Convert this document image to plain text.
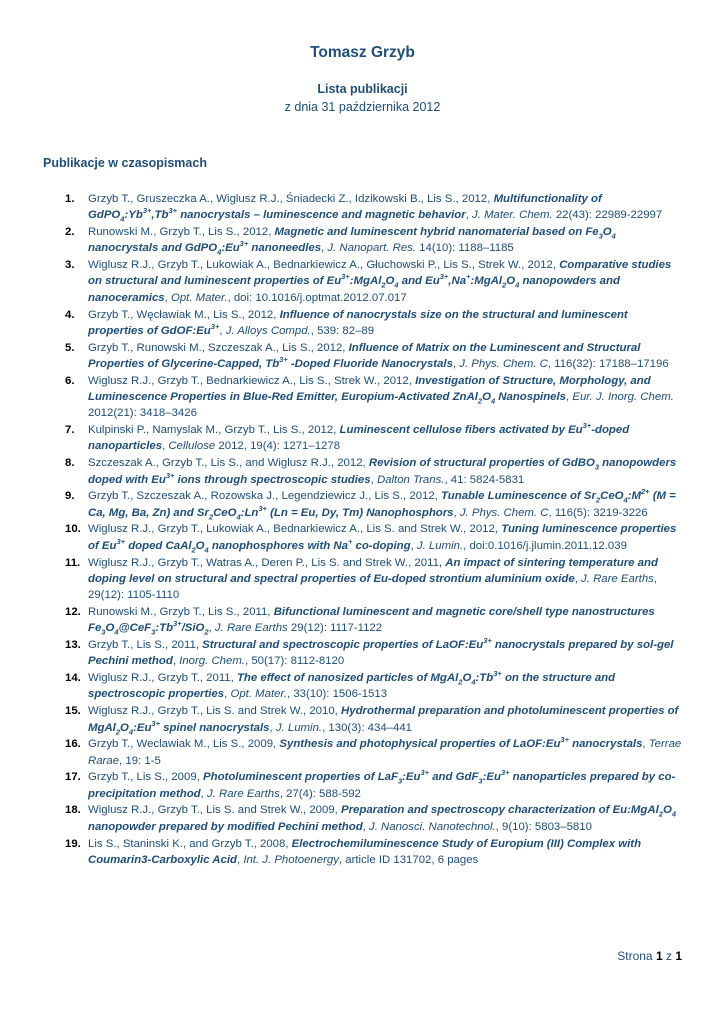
Tomasz Grzyb
Lista publikacji
z dnia 31 października 2012
Publikacje w czasopismach
1. Grzyb T., Gruszeczka A., Wiglusz R.J., Śniadecki Z., Idzikowski B., Lis S., 2012, Multifunctionality of $GdPO_4:Yb^{3+},Tb^{3+}$ nanocrystals – luminescence and magnetic behavior, J. Mater. Chem. 22(43): 22989-22997
2. Runowski M., Grzyb T., Lis S., 2012, Magnetic and luminescent hybrid nanomaterial based on $Fe_3O_4$ nanocrystals and $GdPO_4:Eu^{3+}$ nanoneedles, J. Nanopart. Res. 14(10): 1188–1185
3. Wiglusz R.J., Grzyb T., Lukowiak A., Bednarkiewicz A., Głuchowski P., Lis S., Strek W., 2012, Comparative studies on structural and luminescent properties of $Eu^{3+}:MgAl_2O_4$ and $Eu^{3+},Na^+:MgAl_2O_4$ nanopowders and nanoceramics, Opt. Mater., doi: 10.1016/j.optmat.2012.07.017
4. Grzyb T., Węcławiak M., Lis S., 2012, Influence of nanocrystals size on the structural and luminescent properties of $GdOF:Eu^{3+}$, J. Alloys Compd., 539: 82–89
5. Grzyb T., Runowski M., Szczeszak A., Lis S., 2012, Influence of Matrix on the Luminescent and Structural Properties of Glycerine-Capped, $Tb^{3+}$ -Doped Fluoride Nanocrystals, J. Phys. Chem. C, 116(32): 17188–17196
6. Wiglusz R.J., Grzyb T., Bednarkiewicz A., Lis S., Strek W., 2012, Investigation of Structure, Morphology, and Luminescence Properties in Blue-Red Emitter, Europium-Activated $ZnAl_2O_4$ Nanospinels, Eur. J. Inorg. Chem. 2012(21): 3418–3426
7. Kulpinski P., Namyslak M., Grzyb T., Lis S., 2012, Luminescent cellulose fibers activated by $Eu^{3+}$-doped nanoparticles, Cellulose 2012, 19(4): 1271–1278
8. Szczeszak A., Grzyb T., Lis S., and Wiglusz R.J., 2012, Revision of structural properties of GdBO$_3$ nanopowders doped with $Eu^{3+}$ ions through spectroscopic studies, Dalton Trans., 41: 5824-5831
9. Grzyb T., Szczeszak A., Rozowska J., Legendziewicz J., Lis S., 2012, Tunable Luminescence of $Sr_2CeO_4:M^{2+}$ (M = Ca, Mg, Ba, Zn) and $Sr_2CeO_4:Ln^{3+}$ (Ln = Eu, Dy, Tm) Nanophosphors, J. Phys. Chem. C, 116(5): 3219-3226
10. Wiglusz R.J., Grzyb T., Lukowiak A., Bednarkiewicz A., Lis S. and Strek W., 2012, Tuning luminescence properties of $Eu^{3+}$ doped $CaAl_2O_4$ nanophosphores with Na+ co-doping, J. Lumin., doi:0.1016/j.jlumin.2011.12.039
11. Wiglusz R.J., Grzyb T., Watras A., Deren P., Lis S. and Strek W., 2011, An impact of sintering temperature and doping level on structural and spectral properties of Eu-doped strontium aluminium oxide, J. Rare Earths, 29(12): 1105-1110
12. Runowski M., Grzyb T., Lis S., 2011, Bifunctional luminescent and magnetic core/shell type nanostructures $Fe_3O_4@CeF_3:Tb^{3+}/SiO_2$, J. Rare Earths 29(12): 1117-1122
13. Grzyb T., Lis S., 2011, Structural and spectroscopic properties of $LaOF:Eu^{3+}$ nanocrystals prepared by sol-gel Pechini method, Inorg. Chem., 50(17): 8112-8120
14. Wiglusz R.J., Grzyb T., 2011, The effect of nanosized particles of $MgAl_2O_4:Tb^{3+}$ on the structure and spectroscopic properties, Opt. Mater., 33(10): 1506-1513
15. Wiglusz R.J., Grzyb T., Lis S. and Strek W., 2010, Hydrothermal preparation and photoluminescent properties of $MgAl_2O_4:Eu^{3+}$ spinel nanocrystals, J. Lumin., 130(3): 434–441
16. Grzyb T., Weclawiak M., Lis S., 2009, Synthesis and photophysical properties of $LaOF:Eu^{3+}$ nanocrystals, Terrae Rarae, 19: 1-5
17. Grzyb T., Lis S., 2009, Photoluminescent properties of $LaF_3:Eu^{3+}$ and $GdF_3:Eu^{3+}$ nanoparticles prepared by co-precipitation method, J. Rare Earths, 27(4): 588-592
18. Wiglusz R.J., Grzyb T., Lis S. and Strek W., 2009, Preparation and spectroscopy characterization of $Eu:MgAl_2O_4$ nanopowder prepared by modified Pechini method, J. Nanosci. Nanotechnol., 9(10): 5803–5810
19. Lis S., Staninski K., and Grzyb T., 2008, Electrochemiluminescence Study of Europium (III) Complex with Coumarin3-Carboxylic Acid, Int. J. Photoenergy, article ID 131702, 6 pages
Strona 1 z 1
